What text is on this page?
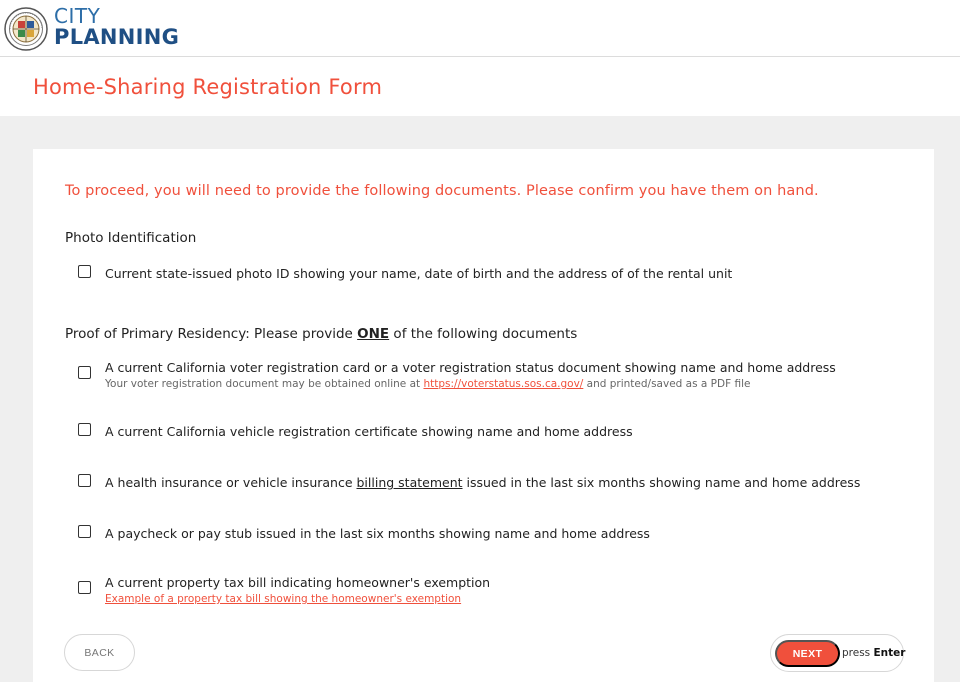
CITY
PLANNING
Home-Sharing Registration Form
To proceed, you will need to provide the following documents. Please confirm you have them on hand.
Photo Identification
Current state-issued photo ID showing your name, date of birth and the address of of the rental unit
Proof of Primary Residency: Please provide ONE of the following documents
A current California voter registration card or a voter registration status document showing name and home address
Your voter registration document may be obtained online at https://voterstatus.sos.ca.gov/ and printed/saved as a PDF file
A current California vehicle registration certificate showing name and home address
A health insurance or vehicle insurance billing statement issued in the last six months showing name and home address
A paycheck or pay stub issued in the last six months showing name and home address
A current property tax bill indicating homeowner's exemption
Example of a property tax bill showing the homeowner's exemption
BACK	NEXT	press Enter
